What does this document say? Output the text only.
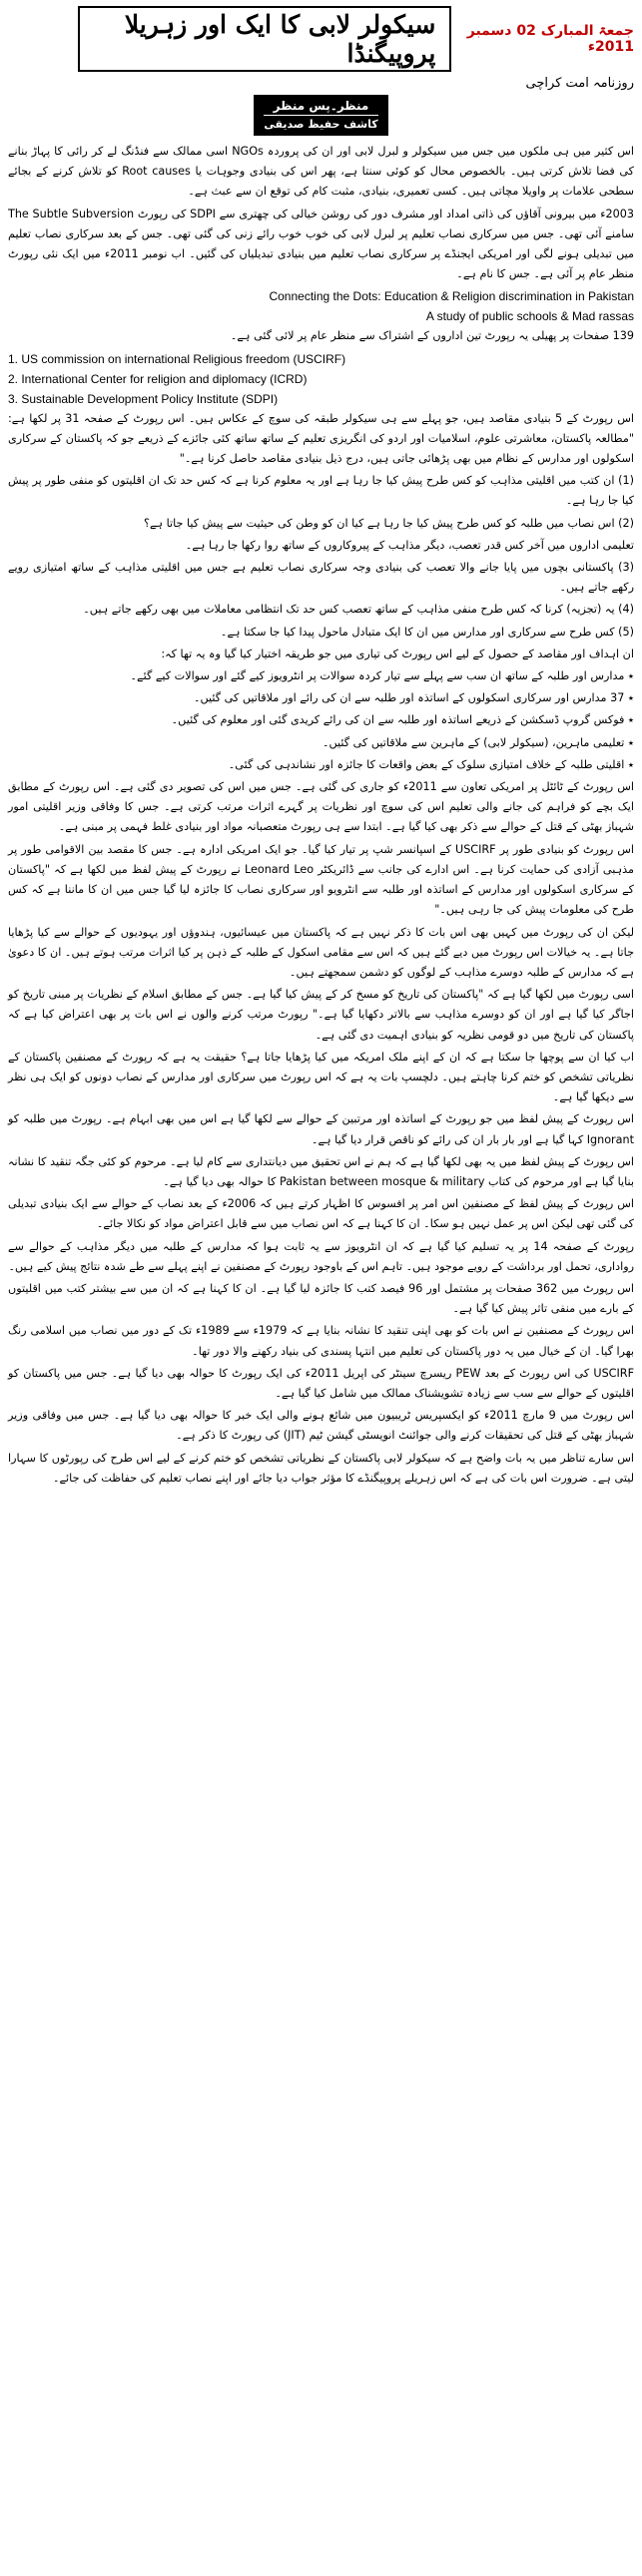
جمعۃ المبارک 02 دسمبر 2011ء
سیکولر لابی کا ایک اور زہریلا پروپیگنڈا
روزنامہ امت کراچی
منظر۔پس منظر
کاشف حفیظ صدیقی

اس کثیر میں ہی ملکوں میں جس میں سیکولر و لبرل لابی اور ان کی پروردہ NGOs اسی ممالک سے فنڈنگ لے کر رائی کا پہاڑ بنانے کی فضا تلاش کرتی ہیں۔ بالخصوص محال کو کوئی سنتا ہے، پھر اس کی بنیادی وجوہات یا Root causes کو تلاش کرنے کے بجائے سطحی علامات پر واویلا مچاتی ہیں۔ کسی تعمیری، بنیادی، مثبت کام کی توقع ان سے عبث ہے۔

2003ء میں بیرونی آقاؤں کی ذاتی امداد اور مشرف دور کی روشن خیالی کی چھتری سے SDPI کی رپورٹ The Subtle Subversion سامنے آئی تھی۔ جس میں سرکاری نصاب تعلیم پر لبرل لابی کی خوب خوب رائے زنی کی گئی تھی۔ جس کے بعد سرکاری نصاب تعلیم میں تبدیلی ہونے لگی اور امریکی ایجنڈے پر سرکاری نصاب تعلیم میں بنیادی تبدیلیاں کی گئیں۔ اب نومبر 2011ء میں ایک نئی رپورٹ منظر عام پر آئی ہے۔ جس کا نام ہے۔

Connecting the Dots: Education & Religion discrimination in Pakistan
A study of public schools & Mad rassas

139 صفحات پر پھیلی یہ رپورٹ تین اداروں کے اشتراک سے منظر عام پر لائی گئی ہے۔

1. US commission on international Religious freedom (USCIRF)
2. International Center for religion and diplomacy (ICRD)
3. Sustainable Development Policy Institute (SDPI)

اس رپورٹ کے 5 بنیادی مقاصد ہیں، جو پہلے سے ہی سیکولر طبقہ کی سوچ کے عکاس ہیں۔ اس رپورٹ کے صفحہ 31 پر لکھا ہے: "مطالعہ پاکستان، معاشرتی علوم، اسلامیات اور اردو کی انگریزی تعلیم کے ساتھ ساتھ کئی جائزے کے ذریعے جو کہ پاکستان کے سرکاری اسکولوں اور مدارس کے نظام میں بھی پڑھائی جاتی ہیں، درج ذیل بنیادی مقاصد حاصل کرنا ہے۔"

(1) ان کتب میں اقلیتی مذاہب کو کس طرح پیش کیا جا رہا ہے اور یہ معلوم کرنا ہے کہ کس حد تک ان اقلیتوں کو منفی طور پر پیش کیا جا رہا ہے۔

(2) اس نصاب میں طلبہ کو کس طرح پیش کیا جا رہا ہے کیا ان کو وطن کی حیثیت سے پیش کیا جاتا ہے؟

تعلیمی اداروں میں آخر کس قدر تعصب، دیگر مذاہب کے پیروکاروں کے ساتھ روا رکھا جا رہا ہے۔

(3) پاکستانی بچوں میں پایا جانے والا تعصب کی بنیادی وجہ سرکاری نصاب تعلیم ہے جس میں اقلیتی مذاہب کے ساتھ امتیازی رویے رکھے جاتے ہیں۔

(4) یہ (تجزیہ) کرنا کہ کس طرح منفی مذاہب کے ساتھ تعصب کس حد تک انتظامی معاملات میں بھی رکھے جاتے ہیں۔

(5) کس طرح سے سرکاری اور مدارس میں ان کا ایک متبادل ماحول پیدا کیا جا سکتا ہے۔

ان اہداف اور مقاصد کے حصول کے لیے اس رپورٹ کی تیاری میں جو طریقہ اختیار کیا گیا وہ یہ تھا کہ:

٭ مدارس اور طلبہ کے ساتھ ان سب سے پہلے سے تیار کردہ سوالات پر انٹرویوز کیے گئے اور سوالات کیے گئے۔

٭ 37 مدارس اور سرکاری اسکولوں کے اساتذہ اور طلبہ سے ان کی رائے اور ملاقاتیں کی گئیں۔

٭ فوکس گروپ ڈسکشن کے ذریعے اساتذہ اور طلبہ سے ان کی رائے کریدی گئی اور معلوم کی گئیں۔

٭ تعلیمی ماہرین، (سیکولر لابی) کے ماہرین سے ملاقاتیں کی گئیں۔

٭ اقلیتی طلبہ کے خلاف امتیازی سلوک کے بعض واقعات کا جائزہ اور نشاندہی کی گئی۔

اس رپورٹ کے ٹائٹل پر امریکی تعاون سے 2011ء کو جاری کی گئی ہے۔ جس میں اس کی تصویر دی گئی ہے۔ اس رپورٹ کے مطابق ایک بچے کو فراہم کی جانے والی تعلیم اس کی سوچ اور نظریات پر گہرے اثرات مرتب کرتی ہے۔ جس کا وفاقی وزیر اقلیتی امور شہباز بھٹی کے قتل کے حوالے سے ذکر بھی کیا گیا ہے۔ ابتدا سے ہی رپورٹ متعصبانہ مواد اور بنیادی غلط فہمی پر مبنی ہے۔

اس رپورٹ کو بنیادی طور پر USCIRF کے اسپانسر شپ پر تیار کیا گیا۔ جو ایک امریکی ادارہ ہے۔ جس کا مقصد بین الاقوامی طور پر مذہبی آزادی کی حمایت کرنا ہے۔ اس ادارے کی جانب سے ڈائریکٹر Leonard Leo نے رپورٹ کے پیش لفظ میں لکھا ہے کہ "پاکستان کے سرکاری اسکولوں اور مدارس کے اساتذہ اور طلبہ سے انٹرویو اور سرکاری نصاب کا جائزہ لیا گیا جس میں ان کا ماننا ہے کہ کس طرح کی معلومات پیش کی جا رہی ہیں۔"

لیکن ان کی رپورٹ میں کہیں بھی اس بات کا ذکر نہیں ہے کہ پاکستان میں عیسائیوں، ہندوؤں اور یہودیوں کے حوالے سے کیا پڑھایا جاتا ہے۔ یہ خیالات اس رپورٹ میں دیے گئے ہیں کہ اس سے مقامی اسکول کے طلبہ کے ذہن پر کیا اثرات مرتب ہوتے ہیں۔ ان کا دعویٰ ہے کہ مدارس کے طلبہ دوسرے مذاہب کے لوگوں کو دشمن سمجھتے ہیں۔

اسی رپورٹ میں لکھا گیا ہے کہ "پاکستان کی تاریخ کو مسخ کر کے پیش کیا گیا ہے۔ جس کے مطابق اسلام کے نظریات پر مبنی تاریخ کو اجاگر کیا گیا ہے اور ان کو دوسرے مذاہب سے بالاتر دکھایا گیا ہے۔" رپورٹ مرتب کرنے والوں نے اس بات پر بھی اعتراض کیا ہے کہ پاکستان کی تاریخ میں دو قومی نظریہ کو بنیادی اہمیت دی گئی ہے۔

اب کیا ان سے پوچھا جا سکتا ہے کہ ان کے اپنے ملک امریکہ میں کیا پڑھایا جاتا ہے؟ حقیقت یہ ہے کہ رپورٹ کے مصنفین پاکستان کے نظریاتی تشخص کو ختم کرنا چاہتے ہیں۔ دلچسپ بات یہ ہے کہ اس رپورٹ میں سرکاری اور مدارس کے نصاب دونوں کو ایک ہی نظر سے دیکھا گیا ہے۔

اس رپورٹ کے پیش لفظ میں جو رپورٹ کے اساتذہ اور مرتبین کے حوالے سے لکھا گیا ہے اس میں بھی ابہام ہے۔ رپورٹ میں طلبہ کو Ignorant کہا گیا ہے اور بار بار ان کی رائے کو ناقص قرار دیا گیا ہے۔

اس رپورٹ کے پیش لفظ میں یہ بھی لکھا گیا ہے کہ ہم نے اس تحقیق میں دیانتداری سے کام لیا ہے۔ مرحوم کو کئی جگہ تنقید کا نشانہ بنایا گیا ہے اور مرحوم کی کتاب Pakistan between mosque & military کا حوالہ بھی دیا گیا ہے۔

اس رپورٹ کے پیش لفظ کے مصنفین اس امر پر افسوس کا اظہار کرتے ہیں کہ 2006ء کے بعد نصاب کے حوالے سے ایک بنیادی تبدیلی کی گئی تھی لیکن اس پر عمل نہیں ہو سکا۔ ان کا کہنا ہے کہ اس نصاب میں سے قابل اعتراض مواد کو نکالا جائے۔

رپورٹ کے صفحہ 14 پر یہ تسلیم کیا گیا ہے کہ ان انٹرویوز سے یہ ثابت ہوا کہ مدارس کے طلبہ میں دیگر مذاہب کے حوالے سے رواداری، تحمل اور برداشت کے رویے موجود ہیں۔ تاہم اس کے باوجود رپورٹ کے مصنفین نے اپنے پہلے سے طے شدہ نتائج پیش کیے ہیں۔

اس رپورٹ میں 362 صفحات پر مشتمل اور 96 فیصد کتب کا جائزہ لیا گیا ہے۔ ان کا کہنا ہے کہ ان میں سے بیشتر کتب میں اقلیتوں کے بارے میں منفی تاثر پیش کیا گیا ہے۔

اس رپورٹ کے مصنفین نے اس بات کو بھی اپنی تنقید کا نشانہ بنایا ہے کہ 1979ء سے 1989ء تک کے دور میں نصاب میں اسلامی رنگ بھرا گیا۔ ان کے خیال میں یہ دور پاکستان کی تعلیم میں انتہا پسندی کی بنیاد رکھنے والا دور تھا۔

USCIRF کی اس رپورٹ کے بعد PEW ریسرچ سینٹر کی اپریل 2011ء کی ایک رپورٹ کا حوالہ بھی دیا گیا ہے۔ جس میں پاکستان کو اقلیتوں کے حوالے سے سب سے زیادہ تشویشناک ممالک میں شامل کیا گیا ہے۔

اس رپورٹ میں 9 مارچ 2011ء کو ایکسپریس ٹریبیون میں شائع ہونے والی ایک خبر کا حوالہ بھی دیا گیا ہے۔ جس میں وفاقی وزیر شہباز بھٹی کے قتل کی تحقیقات کرنے والی جوائنٹ انویسٹی گیشن ٹیم (JIT) کی رپورٹ کا ذکر ہے۔

اس سارے تناظر میں یہ بات واضح ہے کہ سیکولر لابی پاکستان کے نظریاتی تشخص کو ختم کرنے کے لیے اس طرح کی رپورٹوں کا سہارا لیتی ہے۔ ضرورت اس بات کی ہے کہ اس زہریلے پروپیگنڈے کا مؤثر جواب دیا جائے اور اپنے نصاب تعلیم کی حفاظت کی جائے۔
